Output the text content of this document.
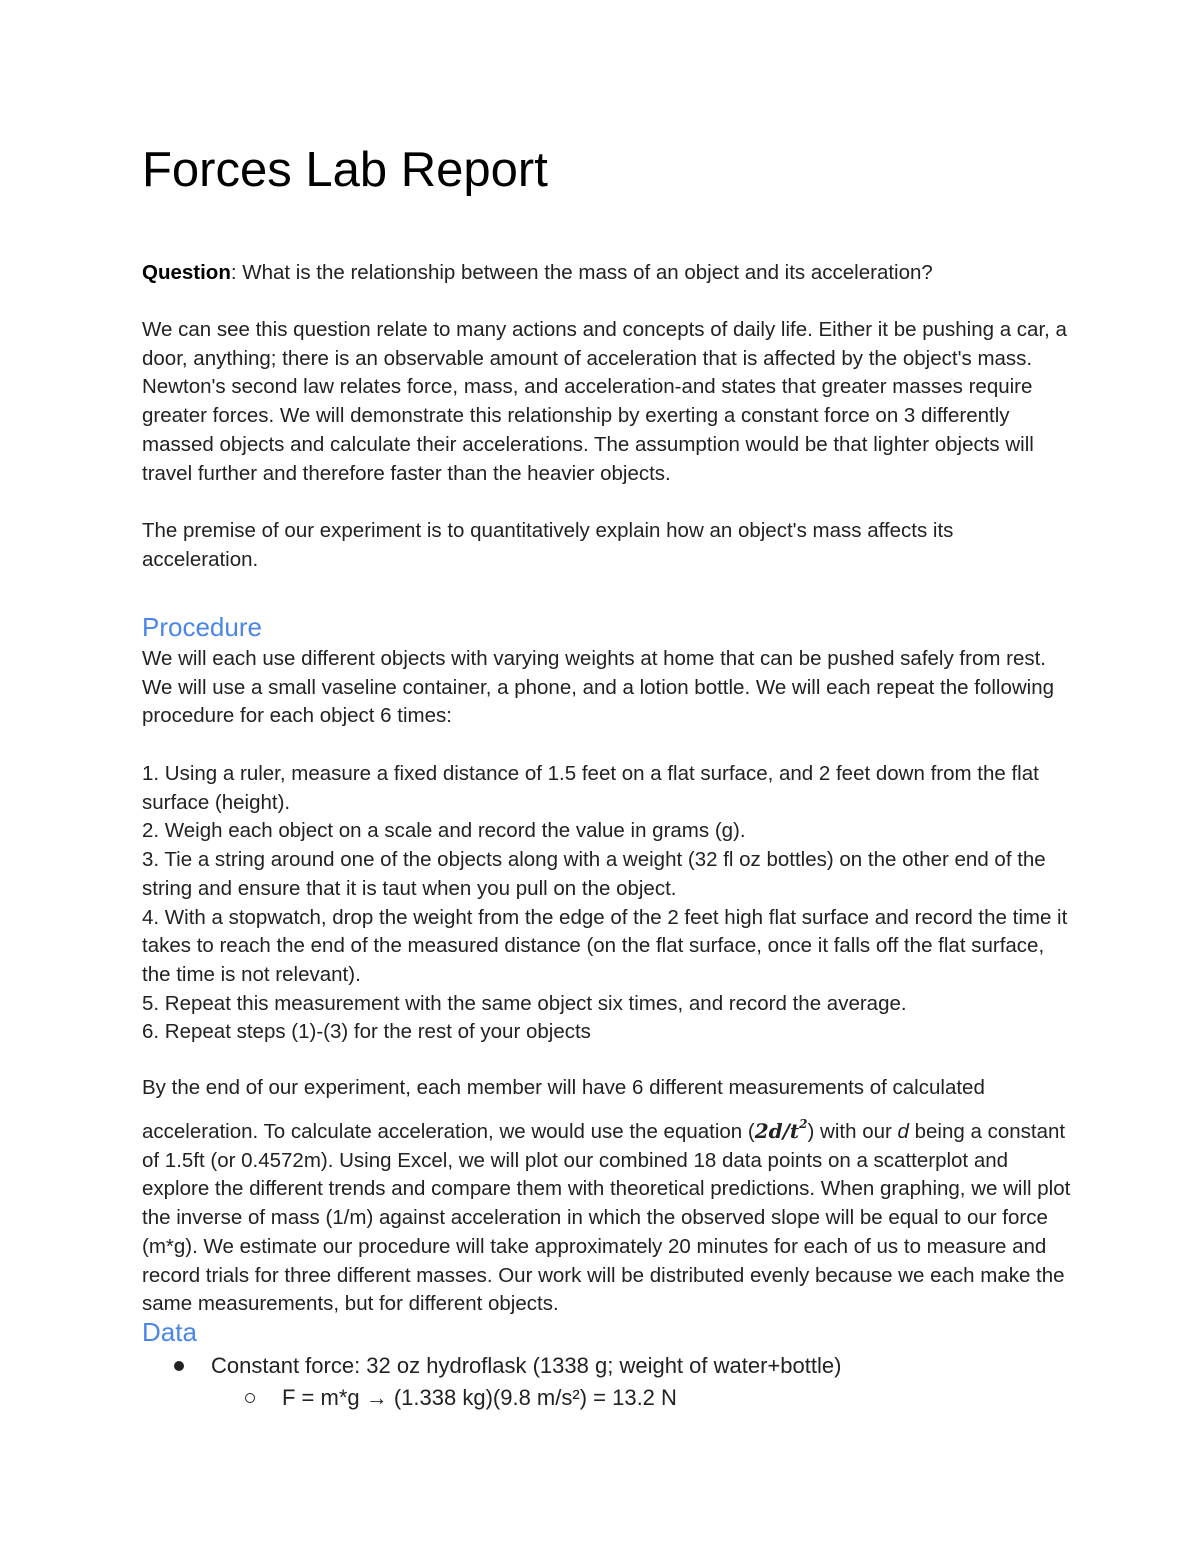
Forces Lab Report
Question: What is the relationship between the mass of an object and its acceleration?
We can see this question relate to many actions and concepts of daily life. Either it be pushing a car, a door, anything; there is an observable amount of acceleration that is affected by the object's mass. Newton's second law relates force, mass, and acceleration-and states that greater masses require greater forces. We will demonstrate this relationship by exerting a constant force on 3 differently massed objects and calculate their accelerations. The assumption would be that lighter objects will travel further and therefore faster than the heavier objects.
The premise of our experiment is to quantitatively explain how an object's mass affects its acceleration.
Procedure
We will each use different objects with varying weights at home that can be pushed safely from rest. We will use a small vaseline container, a phone, and a lotion bottle. We will each repeat the following procedure for each object 6 times:

1. Using a ruler, measure a fixed distance of 1.5 feet on a flat surface, and 2 feet down from the flat surface (height).

2. Weigh each object on a scale and record the value in grams (g).

3. Tie a string around one of the objects along with a weight (32 fl oz bottles) on the other end of the string and ensure that it is taut when you pull on the object.

4. With a stopwatch, drop the weight from the edge of the 2 feet high flat surface and record the time it takes to reach the end of the measured distance (on the flat surface, once it falls off the flat surface, the time is not relevant).

5. Repeat this measurement with the same object six times, and record the average.

6. Repeat steps (1)-(3) for the rest of your objects

By the end of our experiment, each member will have 6 different measurements of calculated
acceleration. To calculate acceleration, we would use the equation $(2d/t^2)$ with our d being a constant of 1.5ft (or 0.4572m). Using Excel, we will plot our combined 18 data points on a scatterplot and explore the different trends and compare them with theoretical predictions. When graphing, we will plot the inverse of mass (1/m) against acceleration in which the observed slope will be equal to our force (m*g). We estimate our procedure will take approximately 20 minutes for each of us to measure and record trials for three different masses. Our work will be distributed evenly because we each make the same measurements, but for different objects.
Data
Constant force: 32 oz hydroflask (1338 g; weight of water+bottle)
F = m*g → (1.338 kg)(9.8 m/s²) = 13.2 N
